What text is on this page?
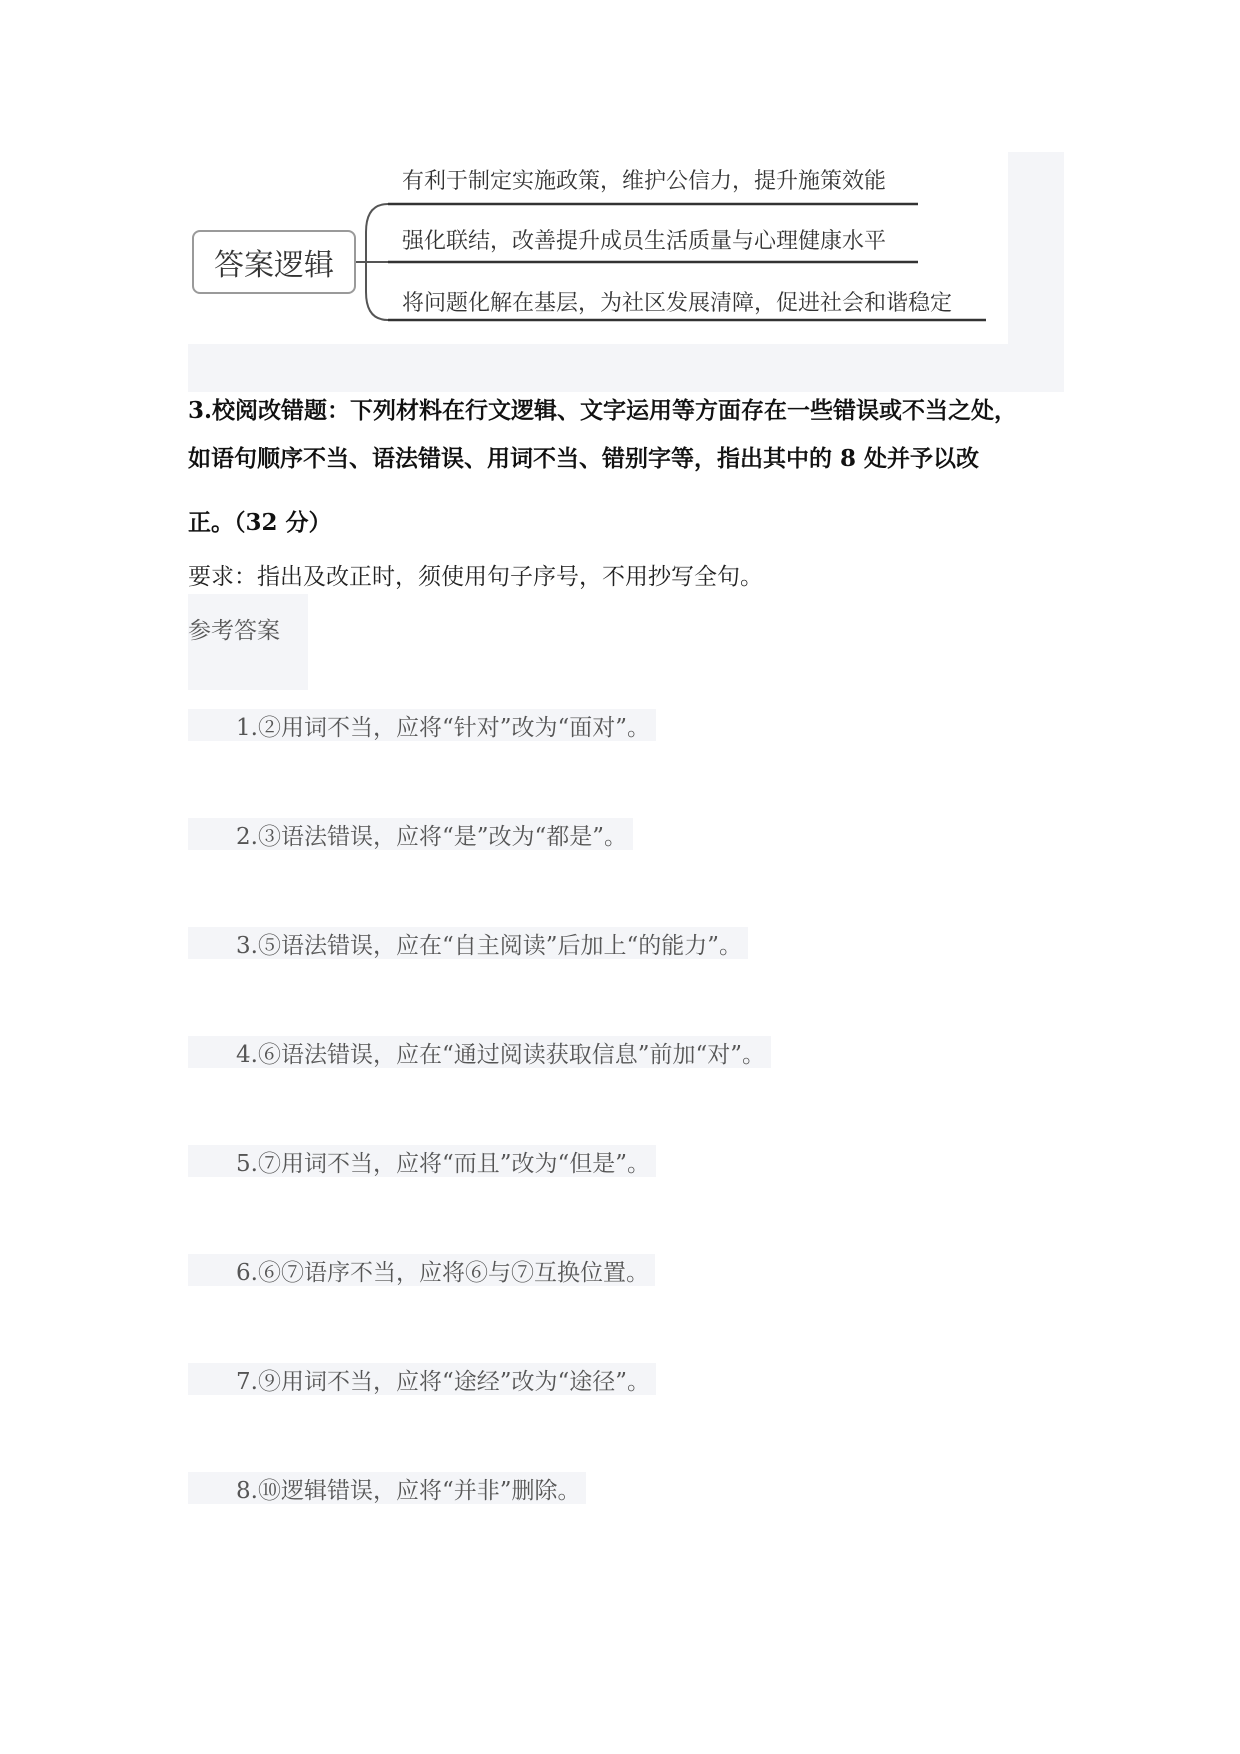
答案逻辑
有利于制定实施政策，维护公信力，提升施策效能
强化联结，改善提升成员生活质量与心理健康水平
将问题化解在基层，为社区发展清障，促进社会和谐稳定
3.校阅改错题：下列材料在行文逻辑、文字运用等方面存在一些错误或不当之处，
如语句顺序不当、语法错误、用词不当、错别字等，指出其中的 8 处并予以改
正。（32 分）
要求：指出及改正时，须使用句子序号，不用抄写全句。
参考答案
1.②用词不当，应将“针对”改为“面对”。
2.③语法错误，应将“是”改为“都是”。
3.⑤语法错误，应在“自主阅读”后加上“的能力”。
4.⑥语法错误，应在“通过阅读获取信息”前加“对”。
5.⑦用词不当，应将“而且”改为“但是”。
6.⑥⑦语序不当，应将⑥与⑦互换位置。
7.⑨用词不当，应将“途经”改为“途径”。
8.⑩逻辑错误，应将“并非”删除。
